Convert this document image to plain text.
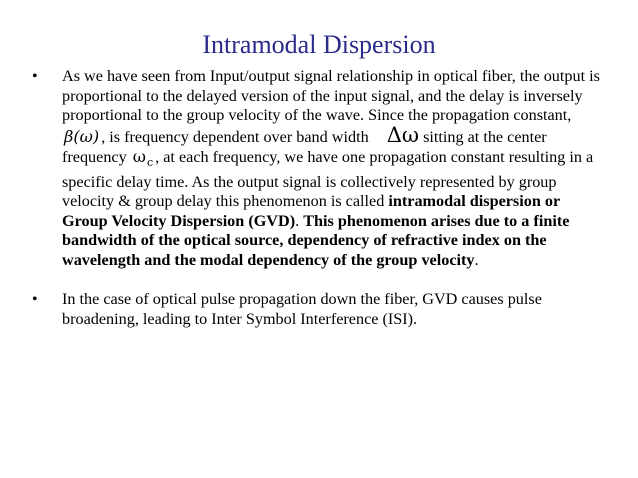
Intramodal Dispersion
• As we have seen from Input/output signal relationship in optical fiber, the output is proportional to the delayed version of the input signal, and the delay is inversely proportional to the group velocity of the wave. Since the propagation constant, β(ω) , is frequency dependent over band width Δω sitting at the center frequency $\omega_c$ , at each frequency, we have one propagation constant resulting in a specific delay time. As the output signal is collectively represented by group velocity & group delay this phenomenon is called intramodal dispersion or Group Velocity Dispersion (GVD). This phenomenon arises due to a finite bandwidth of the optical source, dependency of refractive index on the wavelength and the modal dependency of the group velocity.
• In the case of optical pulse propagation down the fiber, GVD causes pulse broadening, leading to Inter Symbol Interference (ISI).
